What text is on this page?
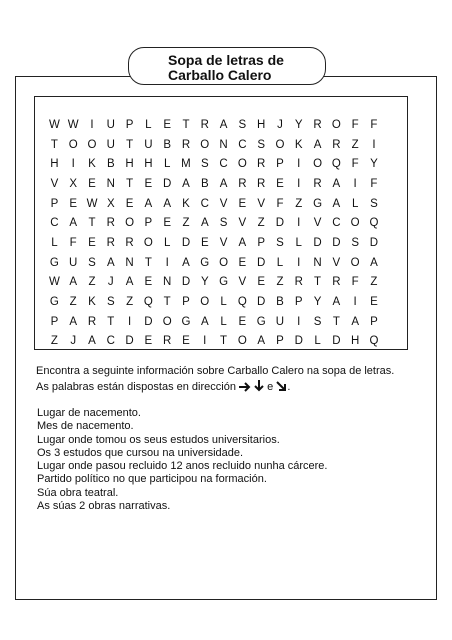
Sopa de letras de
Carballo Calero
W W	I	U P	L	E T R A S H	J	Y R O F	F
T O O U T U B R O N C S O K A R Z	I
H	I	K B H H L M S C O R P	I	O Q F Y
V X E N T E D A B A R R E	I	R A	I	F
P E W X E A A K C V E V F	Z G A	L	S
C A T R O P E Z A S V Z D	I	V C O Q
L	F E R R O L D E V A P S	L D D S D
G U S A N T	I	A G O E D L	I	N V O A
W A Z	J	A E N D Y G V E Z R T R F	Z
G Z K S Z Q T P O L Q D B P Y A	I	E
P A R T	I	D O G A	L	E G U	I	S T A P
Z	J	A C D E R E	I	T O A P D L D H Q
Encontra a seguinte información sobre Carballo Calero na sopa de letras.
As palabras están dispostas en dirección	e .
Lugar de nacemento.
Mes de nacemento.
Lugar onde tomou os seus estudos universitarios.
Os 3 estudos que cursou na universidade.
Lugar onde pasou recluido 12 anos recluido nunha cárcere.
Partido político no que participou na formación.
Súa obra teatral.
As súas 2 obras narrativas.
